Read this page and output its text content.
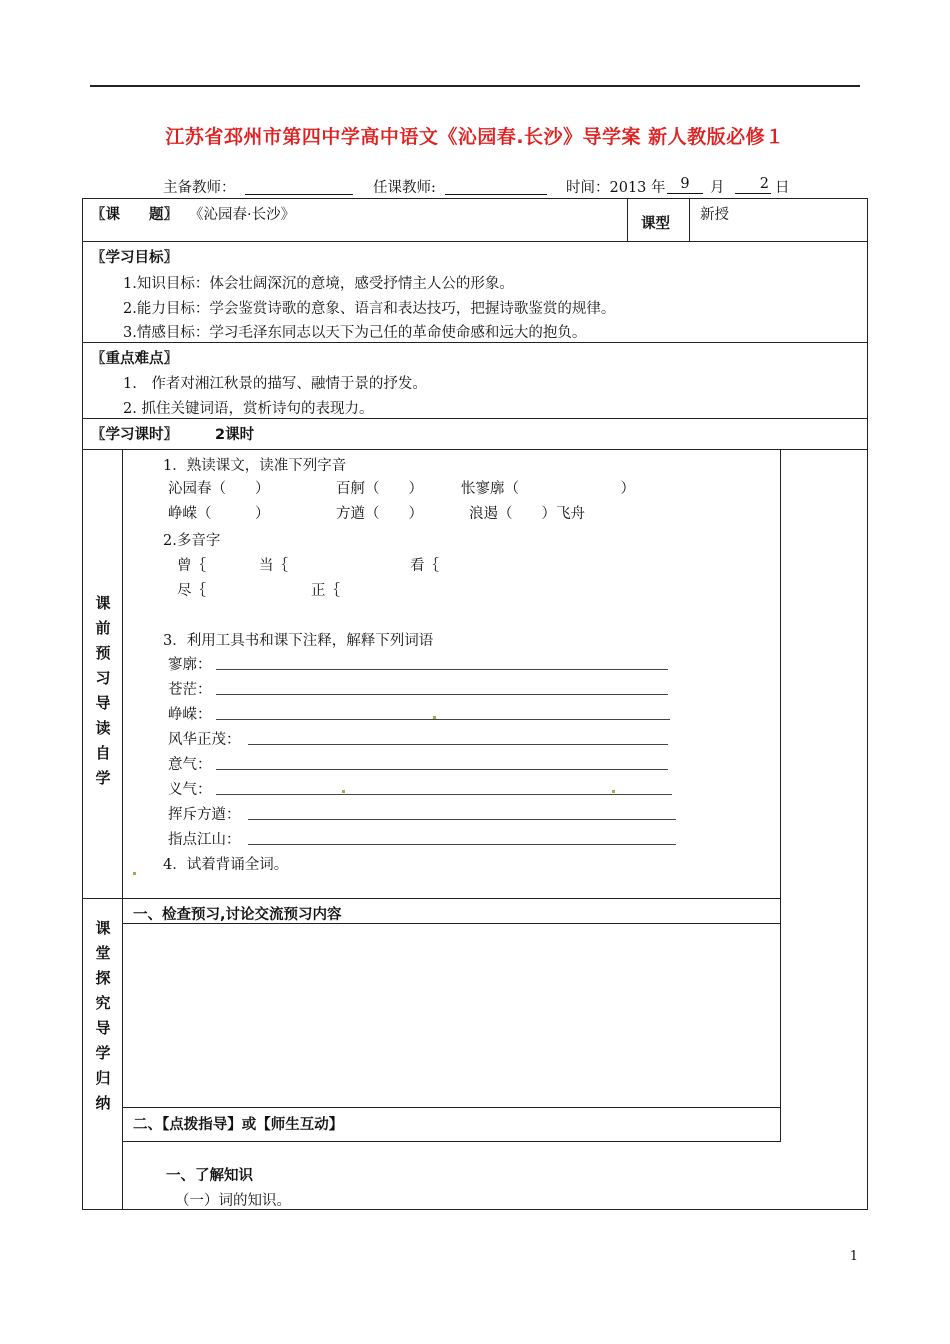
江苏省邳州市第四中学高中语文《沁园春.长沙》导学案 新人教版必修１
主备教师：	任课教师:	时间：2013 年	9	月	2 日
〖课　　题〗 《沁园春·长沙》
课型
新授
〖学习目标〗
1.知识目标：体会壮阔深沉的意境，感受抒情主人公的形象。
2.能力目标：学会鉴赏诗歌的意象、语言和表达技巧，把握诗歌鉴赏的规律。
3.情感目标：学习毛泽东同志以天下为己任的革命使命感和远大的抱负。
〖重点难点〗
1.　作者对湘江秋景的描写、融情于景的抒发。
2. 抓住关键词语，赏析诗句的表现力。
〖学习课时〗	2课时
课
前
预
习
导
读
自
学
1．熟读课文，读准下列字音
沁园春（　　）	百舸（　　）	怅寥廓（　　　　　　　）
峥嵘（　　　）	方遒（　　）	浪遏（　　）飞舟
2.多音字
曾｛	当｛	看｛
尽｛	正｛
3．利用工具书和课下注释，解释下列词语
寥廓：
苍茫：
峥嵘：
风华正茂：
意气：
义气：
挥斥方遒：
指点江山：
4．试着背诵全词。
课
堂
探
究
导
学
归
纳
一、检查预习,讨论交流预习内容
二、【点拨指导】或【师生互动】
一、了解知识
（一）词的知识。
1
